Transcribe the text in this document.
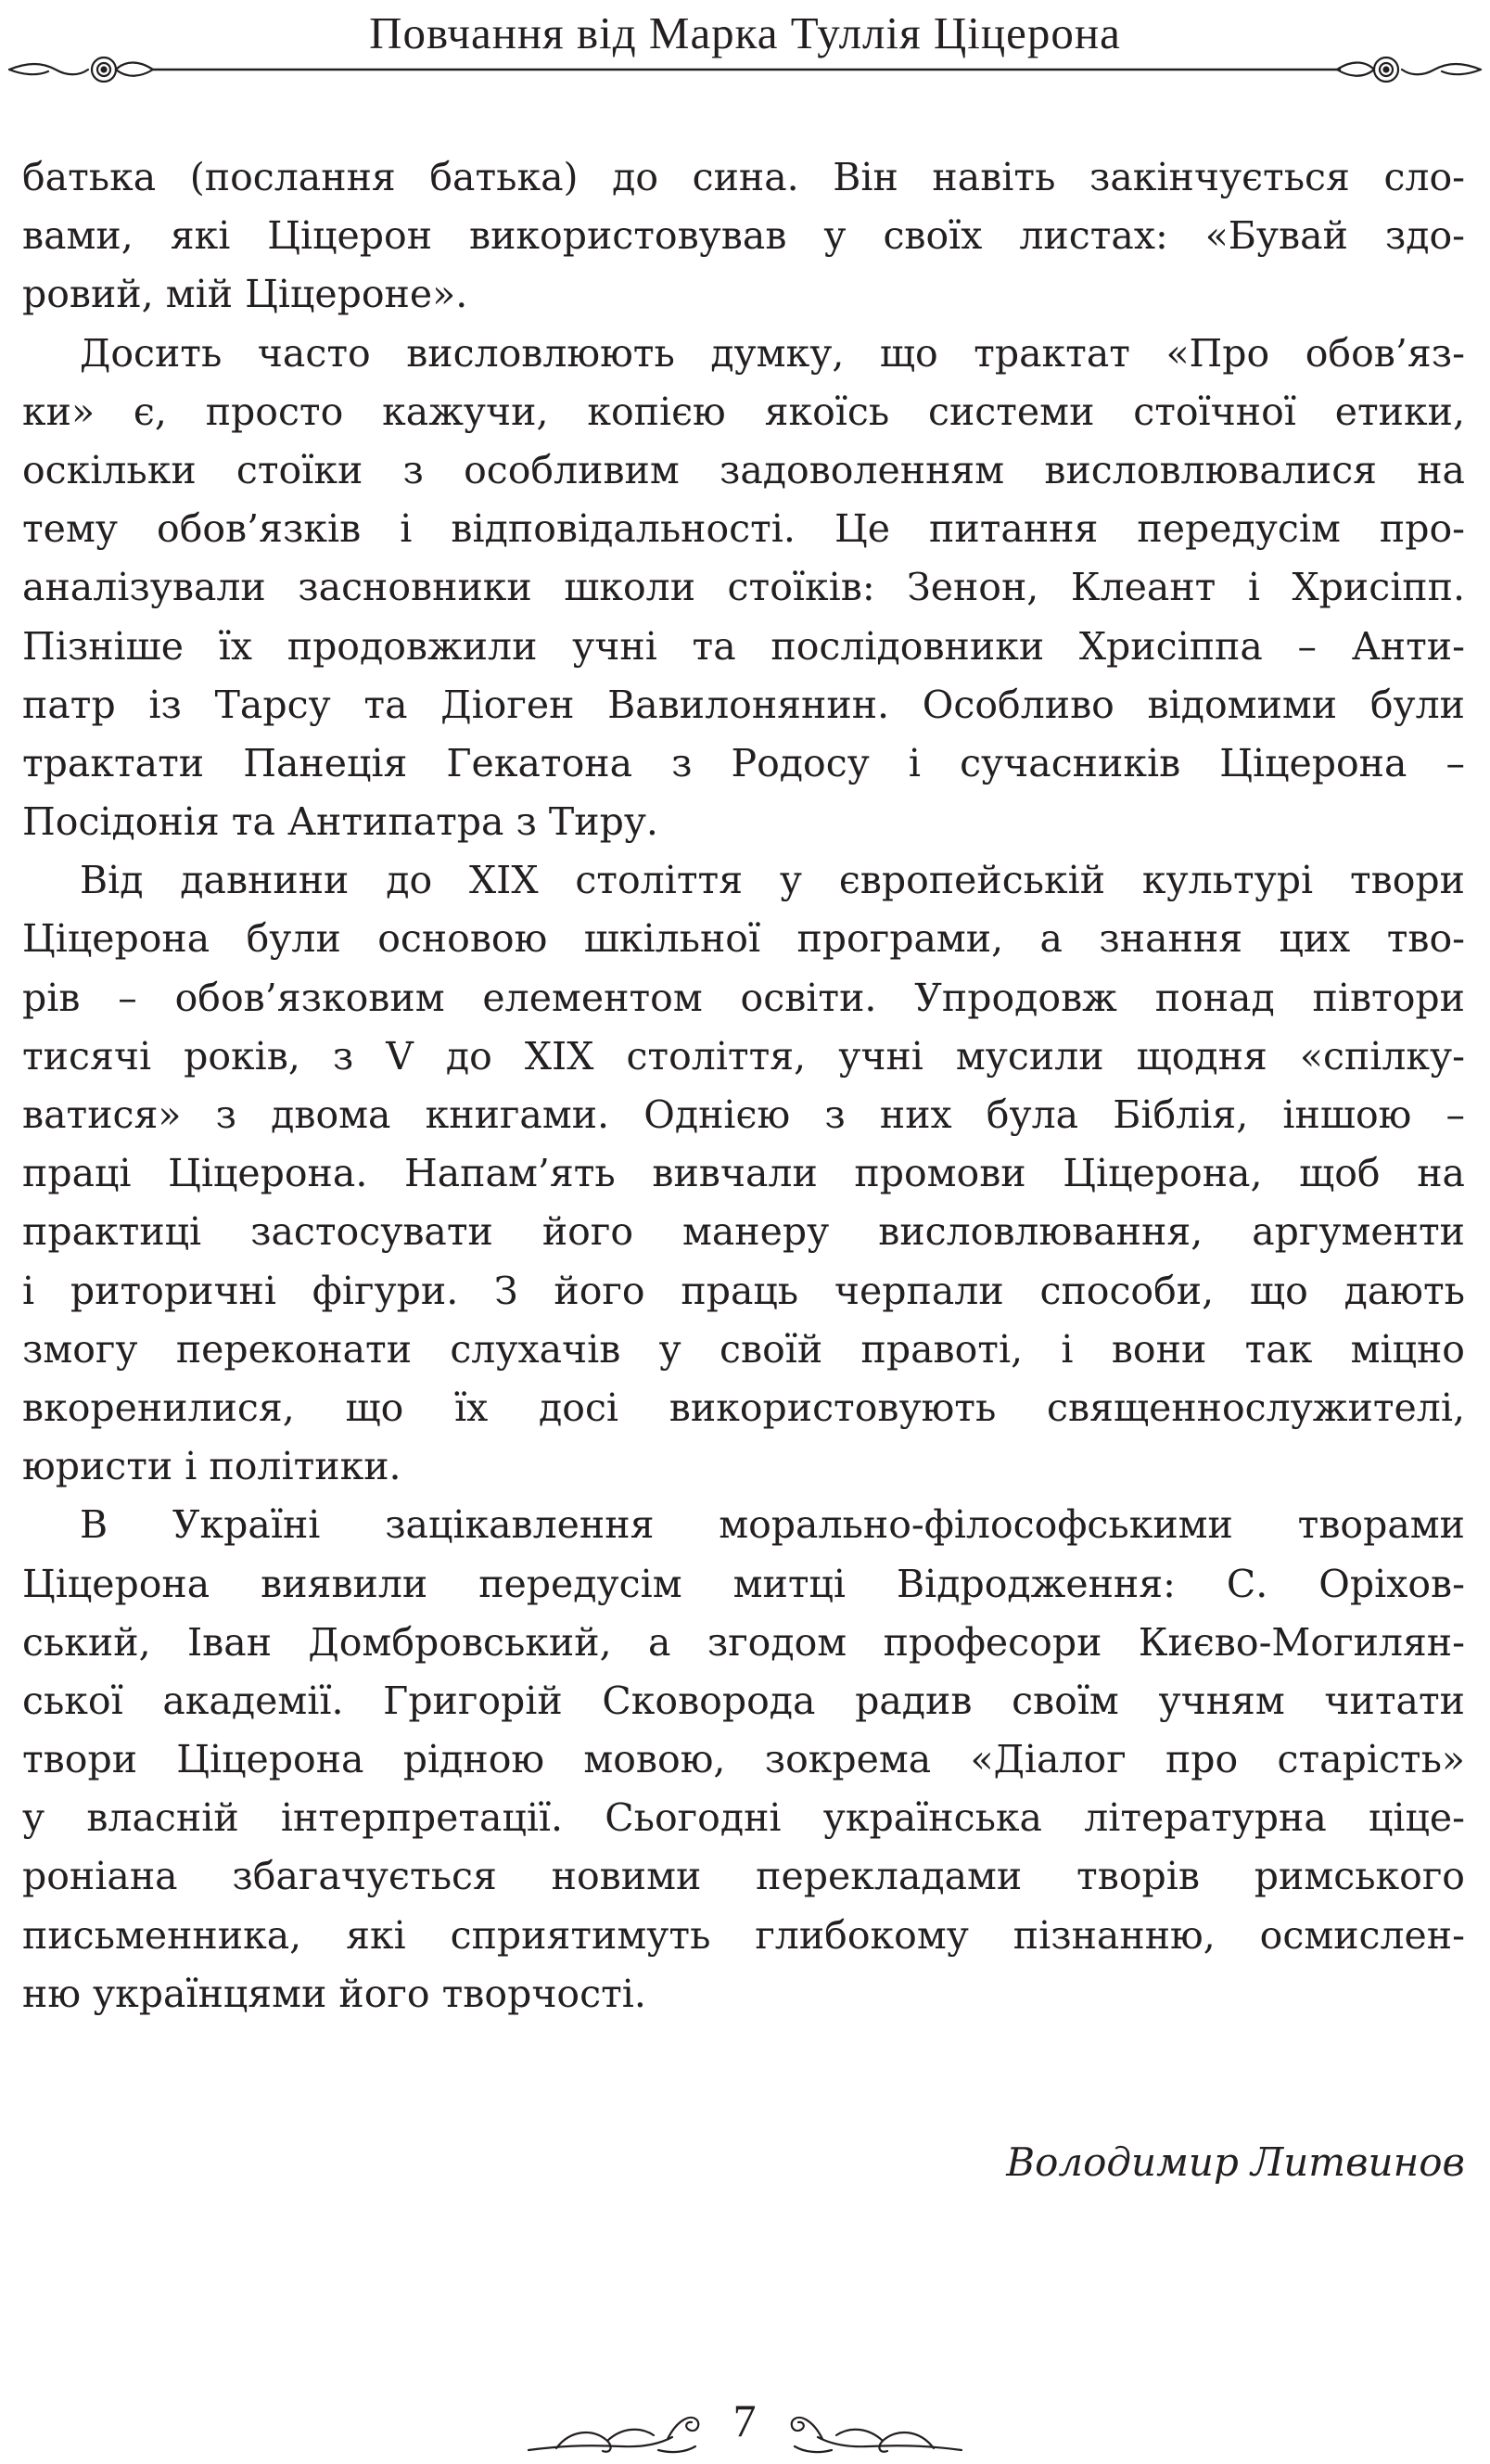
Повчання від Марка Туллія Ціцерона
батька (послання батька) до сина. Він навіть закінчується сло-
вами, які Ціцерон використовував у своїх листах: «Бувай здо-
ровий, мій Ціцероне».
Досить часто висловлюють думку, що трактат «Про обов’яз-
ки» є, просто кажучи, копією якоїсь системи стоїчної етики,
оскільки стоїки з особливим задоволенням висловлювалися на
тему обов’язків і відповідальності. Це питання передусім про-
аналізували засновники школи стоїків: Зенон, Клеант і Хрисіпп.
Пізніше їх продовжили учні та послідовники Хрисіппа – Анти-
патр із Тарсу та Діоген Вавилонянин. Особливо відомими були
трактати Панеція Гекатона з Родосу і сучасників Ціцерона –
Посідонія та Антипатра з Тиру.
Від давнини до XIX століття у європейській культурі твори
Ціцерона були основою шкільної програми, а знання цих тво-
рів – обов’язковим елементом освіти. Упродовж понад півтори
тисячі років, з V до XIX століття, учні мусили щодня «спілку-
ватися» з двома книгами. Однією з них була Біблія, іншою –
праці Ціцерона. Напам’ять вивчали промови Ціцерона, щоб на
практиці застосувати його манеру висловлювання, аргументи
і риторичні фігури. З його праць черпали способи, що дають
змогу переконати слухачів у своїй правоті, і вони так міцно
вкоренилися, що їх досі використовують священнослужителі,
юристи і політики.
В Україні зацікавлення морально-філософськими творами
Ціцерона виявили передусім митці Відродження: С. Оріхов-
ський, Іван Домбровський, а згодом професори Києво-Могилян-
ської академії. Григорій Сковорода радив своїм учням читати
твори Ціцерона рідною мовою, зокрема «Діалог про старість»
у власній інтерпретації. Сьогодні українська літературна ціце-
роніана збагачується новими перекладами творів римського
письменника, які сприятимуть глибокому пізнанню, осмислен-
ню українцями його творчості.
Володимир Литвинов
7
